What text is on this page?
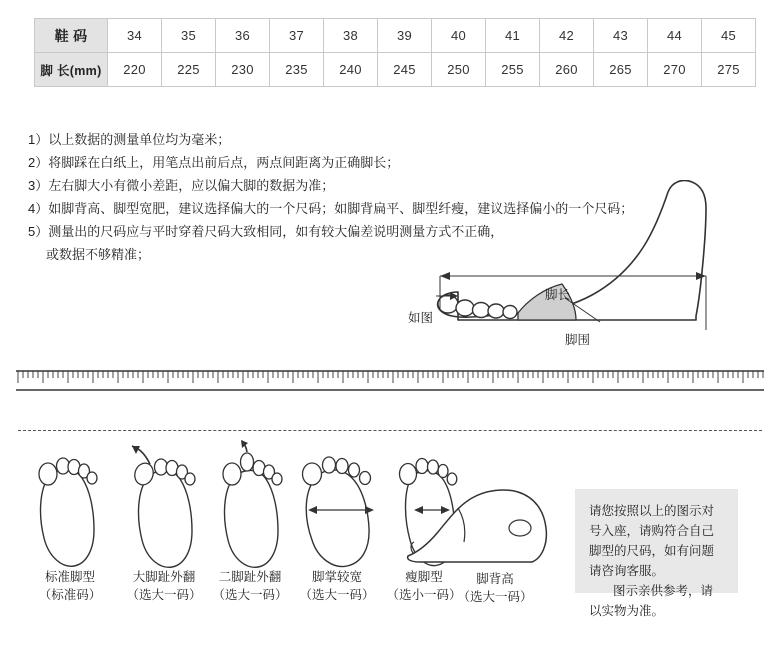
鞋 码	34	35	36	37	38	39	40	41	42	43	44	45
脚 长(mm)	220	225	230	235	240	245	250	255	260	265	270	275
1）以上数据的测量单位均为毫米；
2）将脚踩在白纸上，用笔点出前后点，两点间距离为正确脚长；
3）左右脚大小有微小差距，应以偏大脚的数据为准；
4）如脚背高、脚型宽肥，建议选择偏大的一个尺码；如脚背扁平、脚型纤瘦，建议选择偏小的一个尺码；
5）测量出的尺码应与平时穿着尺码大致相同，如有较大偏差说明测量方式不正确，
或数据不够精准；
脚长
如图
脚围
标准脚型
（标准码）
大脚趾外翻
（选大一码）
二脚趾外翻
（选大一码）
脚掌较宽
（选大一码）
瘦脚型
（选小一码）
脚背高
（选大一码）

请您按照以上的图示对号入座，请购符合自己脚型的尺码，如有问题请咨询客服。

图示亲供参考，请以实物为准。
